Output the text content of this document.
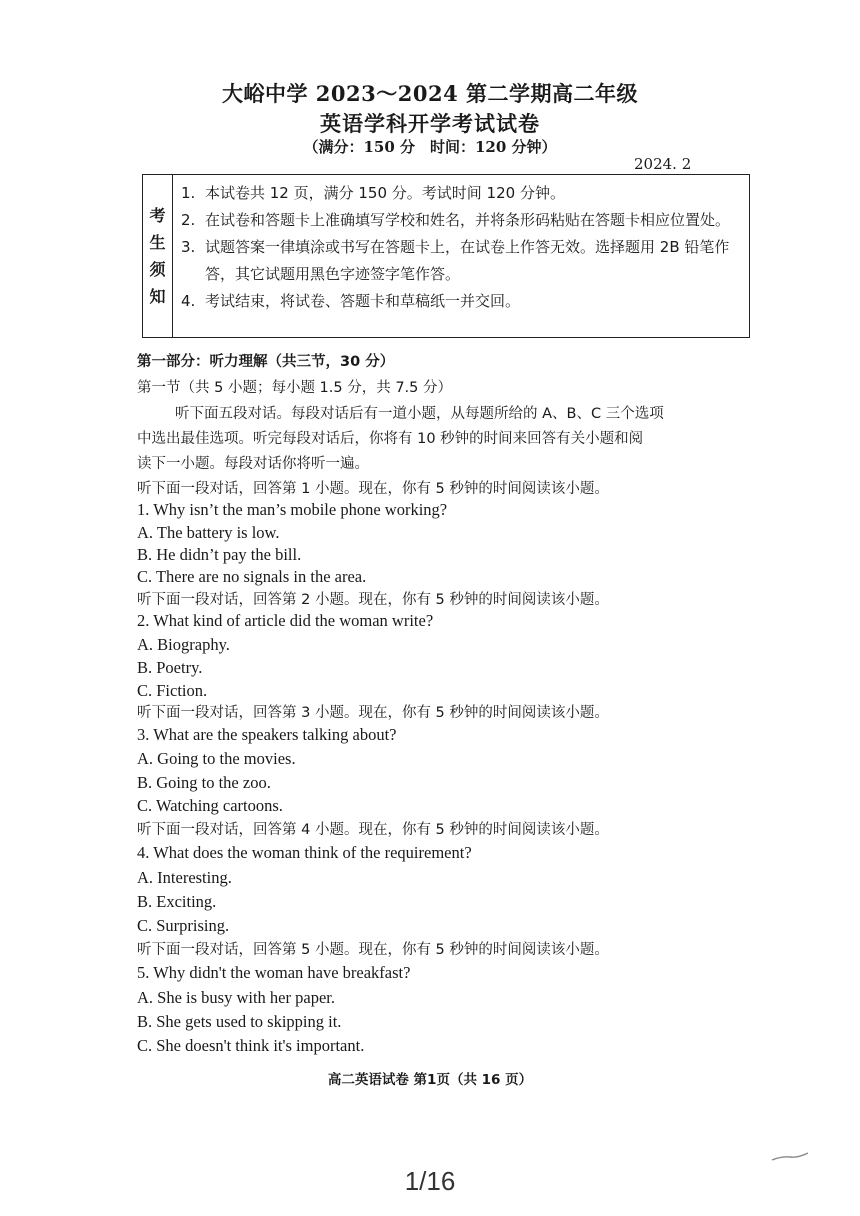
大峪中学 2023～2024 第二学期高二年级
英语学科开学考试试卷
（满分：150 分　时间：120 分钟）
2024. 2
考
生
须
知
1. 本试卷共 12 页，满分 150 分。考试时间 120 分钟。
2. 在试卷和答题卡上准确填写学校和姓名，并将条形码粘贴在答题卡相应位置处。
3. 试题答案一律填涂或书写在答题卡上，在试卷上作答无效。选择题用 2B 铅笔作答，其它试题用黑色字迹签字笔作答。
4. 考试结束，将试卷、答题卡和草稿纸一并交回。
第一部分：听力理解（共三节，30 分）
第一节（共 5 小题；每小题 1.5 分，共 7.5 分）
听下面五段对话。每段对话后有一道小题，从每题所给的 A、B、C 三个选项
中选出最佳选项。听完每段对话后，你将有 10 秒钟的时间来回答有关小题和阅
读下一小题。每段对话你将听一遍。
听下面一段对话，回答第 1 小题。现在，你有 5 秒钟的时间阅读该小题。
1. Why isn’t the man’s mobile phone working?
A. The battery is low.
B. He didn’t pay the bill.
C. There are no signals in the area.
听下面一段对话，回答第 2 小题。现在，你有 5 秒钟的时间阅读该小题。
2. What kind of article did the woman write?
A. Biography.
B. Poetry.
C. Fiction.
听下面一段对话，回答第 3 小题。现在，你有 5 秒钟的时间阅读该小题。
3. What are the speakers talking about?
A. Going to the movies.
B. Going to the zoo.
C. Watching cartoons.
听下面一段对话，回答第 4 小题。现在，你有 5 秒钟的时间阅读该小题。
4. What does the woman think of the requirement?
A. Interesting.
B. Exciting.
C. Surprising.
听下面一段对话，回答第 5 小题。现在，你有 5 秒钟的时间阅读该小题。
5. Why didn't the woman have breakfast?
A. She is busy with her paper.
B. She gets used to skipping it.
C. She doesn't think it's important.
高二英语试卷 第1页（共 16 页）
1/16
